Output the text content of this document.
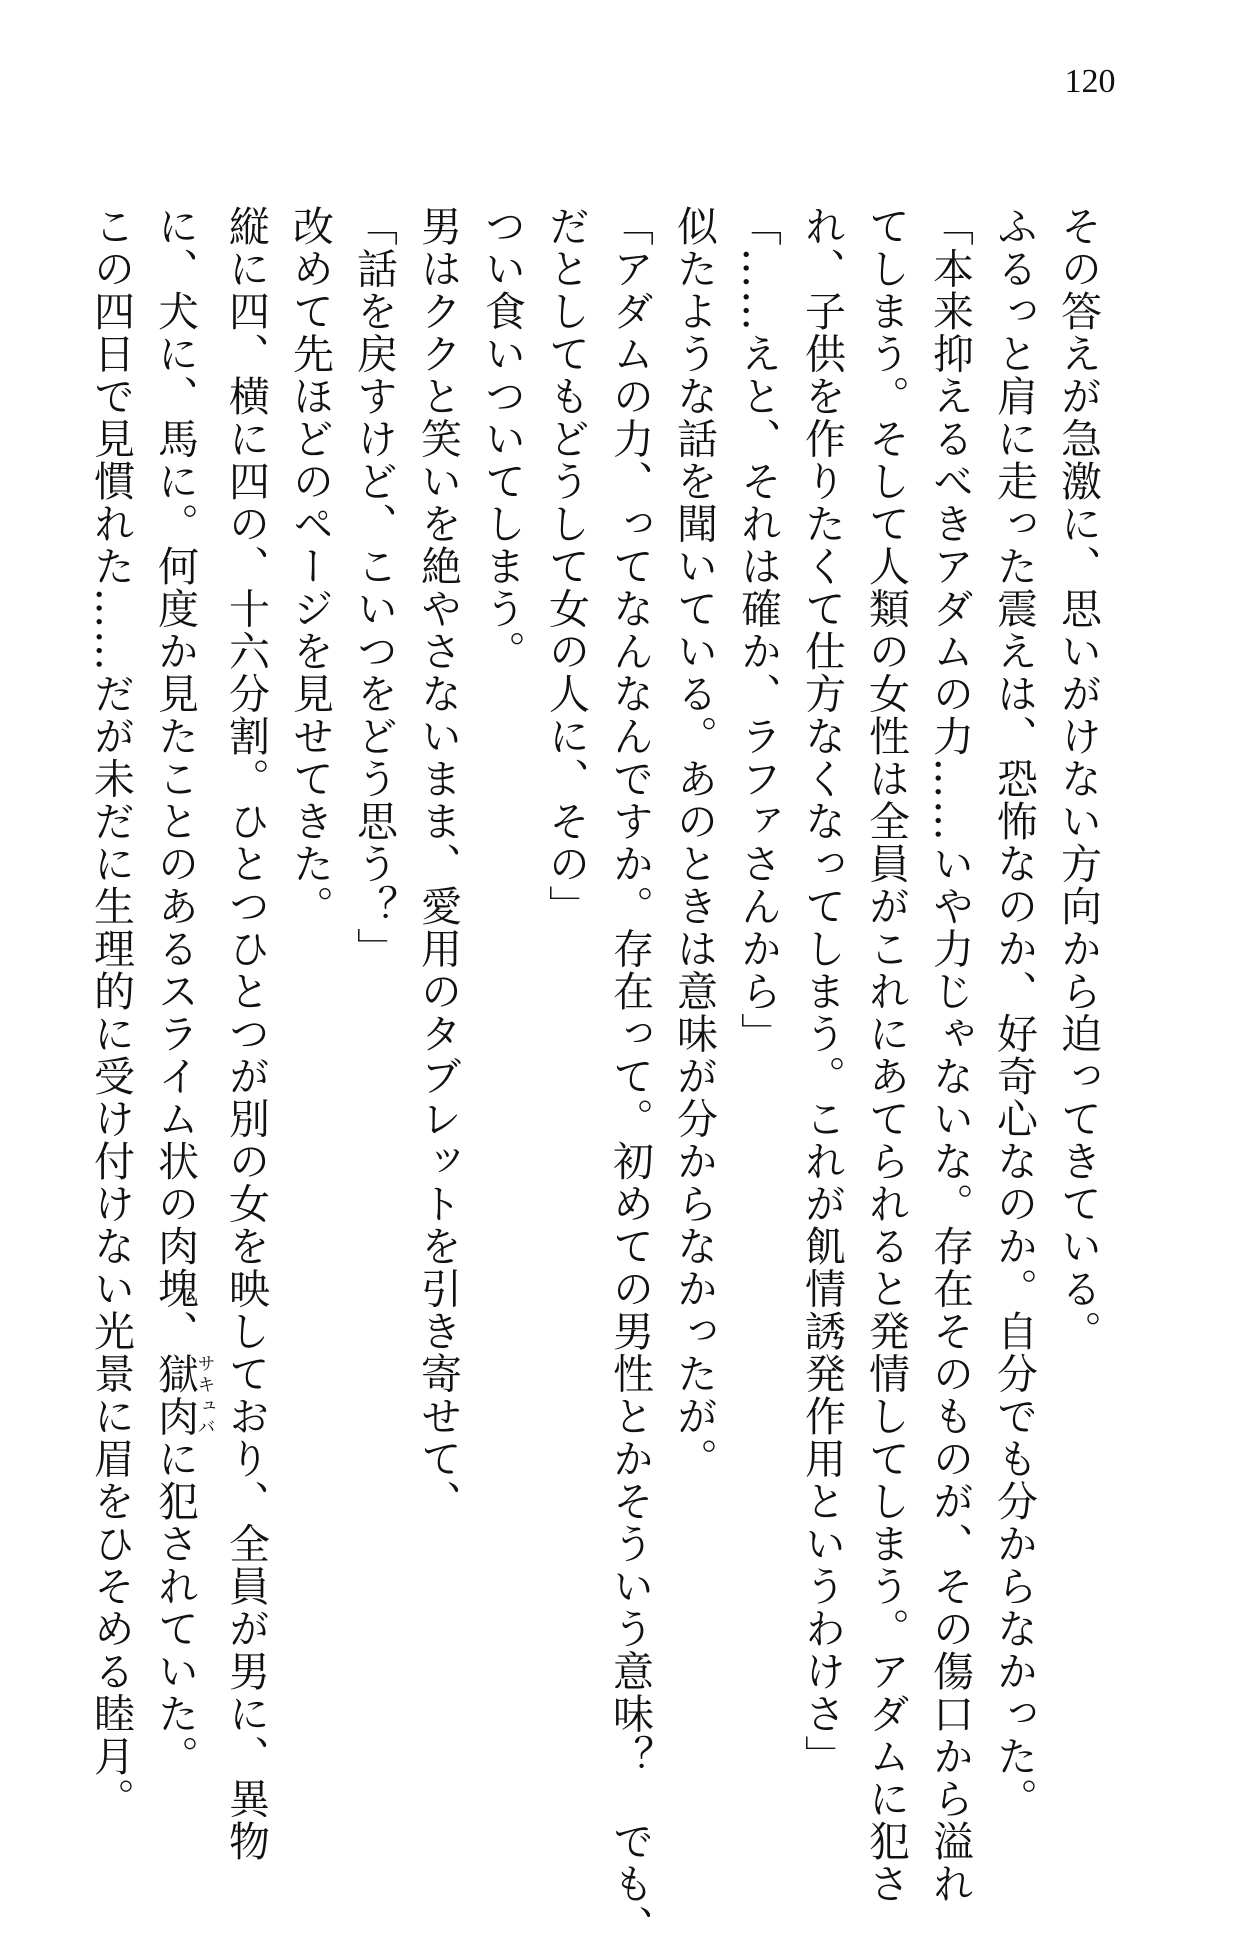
120
その答えが急激に、思いがけない方向から迫ってきている。
ふるっと肩に走った震えは、恐怖なのか、好奇心なのか。自分でも分からなかった。
「本来抑えるべきアダムの力……いや力じゃないな。存在そのものが、その傷口から溢れ
てしまう。そして人類の女性は全員がこれにあてられると発情してしまう。アダムに犯さ
れ、子供を作りたくて仕方なくなってしまう。これが飢情誘発作用というわけさ」
「……えと、それは確か、ラファさんから」
似たような話を聞いている。あのときは意味が分からなかったが。
「アダムの力、ってなんなんですか。存在って。初めての男性とかそういう意味？　でも、
だとしてもどうして女の人に、その」
つい食いついてしまう。
男はククと笑いを絶やさないまま、愛用のタブレットを引き寄せて、
「話を戻すけど、こいつをどう思う？」
改めて先ほどのページを見せてきた。
縦に四、横に四の、十六分割。ひとつひとつが別の女を映しており、全員が男に、異物
に、犬に、馬に。何度か見たことのあるスライム状の肉塊、獄肉サキュバに犯されていた。
この四日で見慣れた……だが未だに生理的に受け付けない光景に眉をひそめる睦月。
